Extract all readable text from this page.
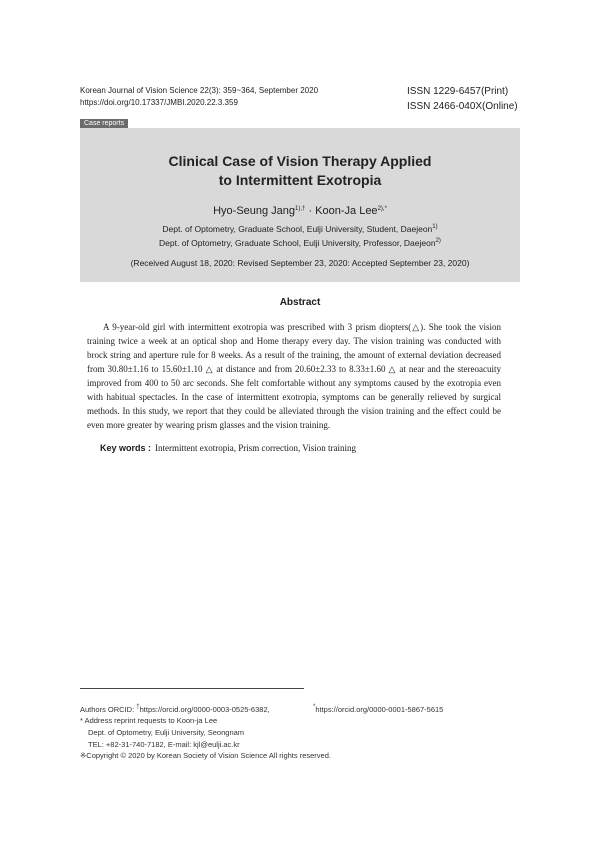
Korean Journal of Vision Science 22(3): 359~364, September 2020
https://doi.org/10.17337/JMBI.2020.22.3.359
ISSN 1229-6457(Print)
ISSN 2466-040X(Online)
Case reports
Clinical Case of Vision Therapy Applied
to Intermittent Exotropia
Hyo-Seung Jang$^{1),\dagger}$ · Koon-Ja Lee$^{2),*}$
Dept. of Optometry, Graduate School, Eulji University, Student, Daejeon$^{1)}$
Dept. of Optometry, Graduate School, Eulji University, Professor, Daejeon$^{2)}$
(Received August 18, 2020: Revised September 23, 2020: Accepted September 23, 2020)
Abstract

A 9-year-old girl with intermittent exotropia was prescribed with 3 prism diopters(△). She took the vision training twice a week at an optical shop and Home therapy every day. The vision training was conducted with brock string and aperture rule for 8 weeks. As a result of the training, the amount of external deviation decreased from 30.80±1.16 to 15.60±1.10 △ at distance and from 20.60±2.33 to 8.33±1.60 △ at near and the stereoacuity improved from 400 to 50 arc seconds. She felt comfortable without any symptoms caused by the exotropia even with habitual spectacles. In the case of intermittent exotropia, symptoms can be generally relieved by surgical methods. In this study, we report that they could be alleviated through the vision training and the effect could be even more greater by wearing prism glasses and the vision training.

Key words : Intermittent exotropia, Prism correction, Vision training
Authors ORCID: †https://orcid.org/0000-0003-0525-6382,	*https://orcid.org/0000-0001-5867-5615
* Address reprint requests to Koon-ja Lee
Dept. of Optometry, Eulji University, Seongnam
TEL: +82-31-740-7182, E-mail: kjl@eulji.ac.kr
※Copyright © 2020 by Korean Society of Vision Science All rights reserved.
